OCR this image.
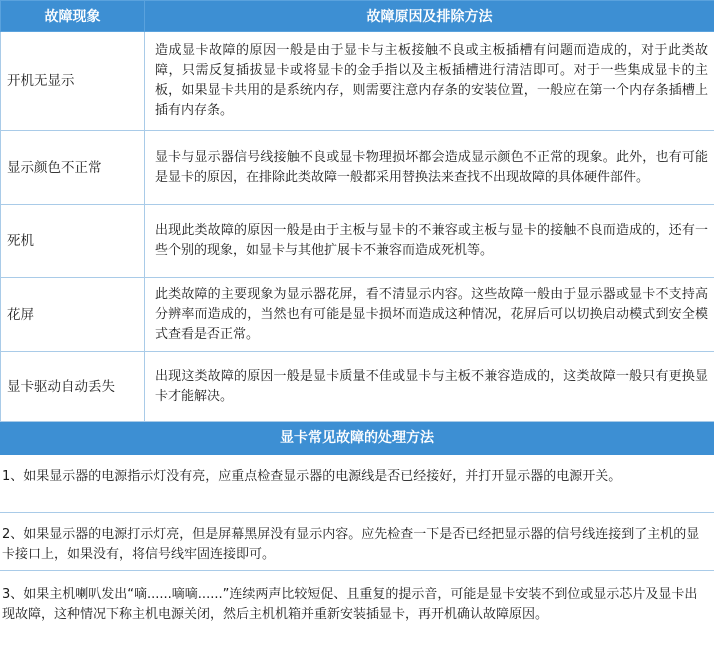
故障现象	故障原因及排除方法
开机无显示	造成显卡故障的原因一般是由于显卡与主板接触不良或主板插槽有问题而造成的，对于此类故障，只需反复插拔显卡或将显卡的金手指以及主板插槽进行清洁即可。对于一些集成显卡的主板，如果显卡共用的是系统内存，则需要注意内存条的安装位置，一般应在第一个内存条插槽上插有内存条。
显示颜色不正常	显卡与显示器信号线接触不良或显卡物理损坏都会造成显示颜色不正常的现象。此外，也有可能是显卡的原因，在排除此类故障一般都采用替换法来查找不出现故障的具体硬件部件。
死机	出现此类故障的原因一般是由于主板与显卡的不兼容或主板与显卡的接触不良而造成的，还有一些个别的现象，如显卡与其他扩展卡不兼容而造成死机等。
花屏	此类故障的主要现象为显示器花屏，看不清显示内容。这些故障一般由于显示器或显卡不支持高分辨率而造成的，当然也有可能是显卡损坏而造成这种情况，花屏后可以切换启动模式到安全模式查看是否正常。
显卡驱动自动丢失	出现这类故障的原因一般是显卡质量不佳或显卡与主板不兼容造成的，这类故障一般只有更换显卡才能解决。
显卡常见故障的处理方法
1、如果显示器的电源指示灯没有亮，应重点检查显示器的电源线是否已经接好，并打开显示器的电源开关。
2、如果显示器的电源打示灯亮，但是屏幕黑屏没有显示内容。应先检查一下是否已经把显示器的信号线连接到了主机的显卡接口上，如果没有，将信号线牢固连接即可。
3、如果主机喇叭发出“嘀......嘀嘀......”连续两声比较短促、且重复的提示音，可能是显卡安装不到位或显示芯片及显卡出现故障，这种情况下称主机电源关闭，然后主机机箱并重新安装插显卡，再开机确认故障原因。
